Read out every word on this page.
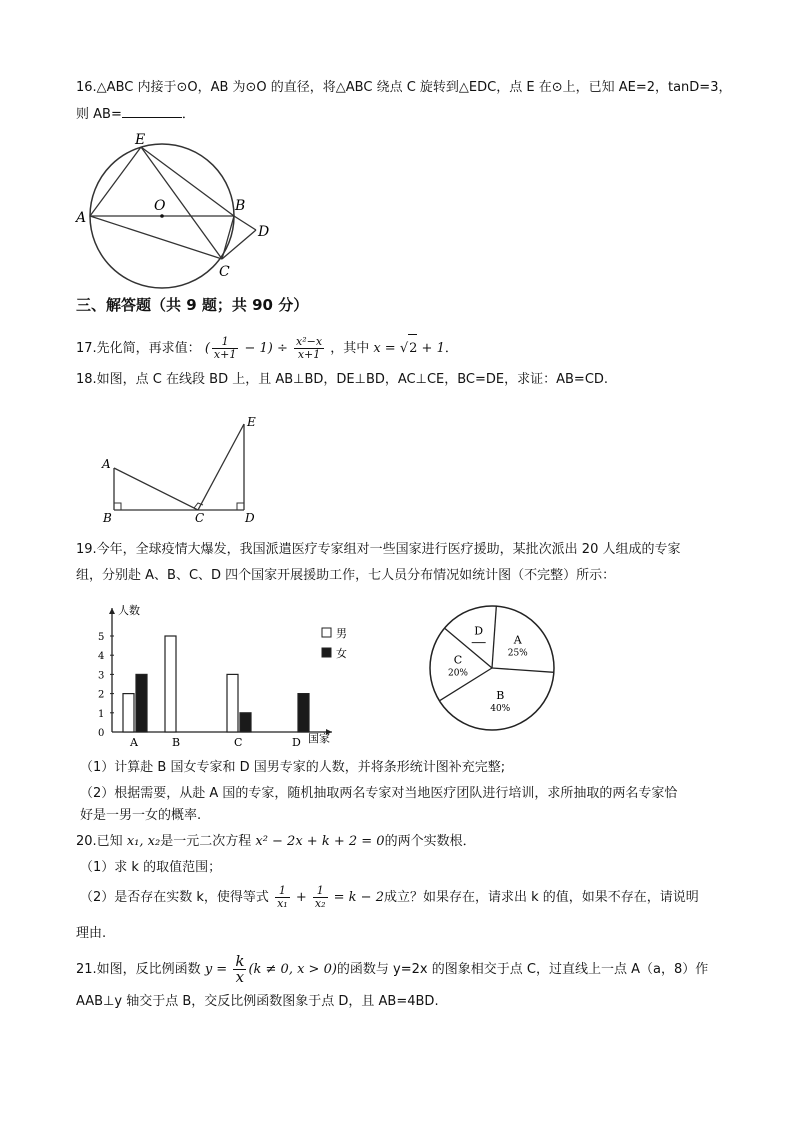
16.△ABC 内接于⊙O，AB 为⊙O 的直径，将△ABC 绕点 C 旋转到△EDC，点 E 在⊙上，已知 AE=2，tanD=3，
则 AB=	．
E
A
O	B
D
C
三、解答题（共 9 题；共 90 分）
17.先化简，再求值： ( $\frac{1}{x+1} - 1) \div \frac{\text{x²−x}}{x+1}$ ，其中 x = √2 + 1．
18.如图，点 C 在线段 BD 上，且 AB⊥BD，DE⊥BD，AC⊥CE，BC=DE，求证：AB=CD.
A
B	C	D
E
19.今年，全球疫情大爆发，我国派遣医疗专家组对一些国家进行医疗援助，某批次派出 20 人组成的专家
组，分别赴 A、B、C、D 四个国家开展援助工作，七人员分布情况如统计图（不完整）所示：
人数
国家
0
1
2
3
4
5
A	B	C	D
男
女
A
25%
B
40%
C
20%
D
（1）计算赴 B 国女专家和 D 国男专家的人数，并将条形统计图补充完整;
（2）根据需要，从赴 A 国的专家，随机抽取两名专家对当地医疗团队进行培训，求所抽取的两名专家恰
好是一男一女的概率.
20.已知 x₁, x₂是一元二次方程 x² − 2x + k + 2 = 0的两个实数根．
（1）求 k 的取值范围；
（2）是否存在实数 k，使得等式 $\frac{1}{\text{x₁}} + \frac{1}{\text{x₂}} = k - 2$成立？如果存在，请求出 k 的值，如果不存在，请说明
理由.
21.如图，反比例函数 $y = \frac{k}{x} (k \ne 0$, x > 0)的函数与 y=2x 的图象相交于点 C，过直线上一点 A（a，8）作
AAB⊥y 轴交于点 B，交反比例函数图象于点 D，且 AB=4BD.
